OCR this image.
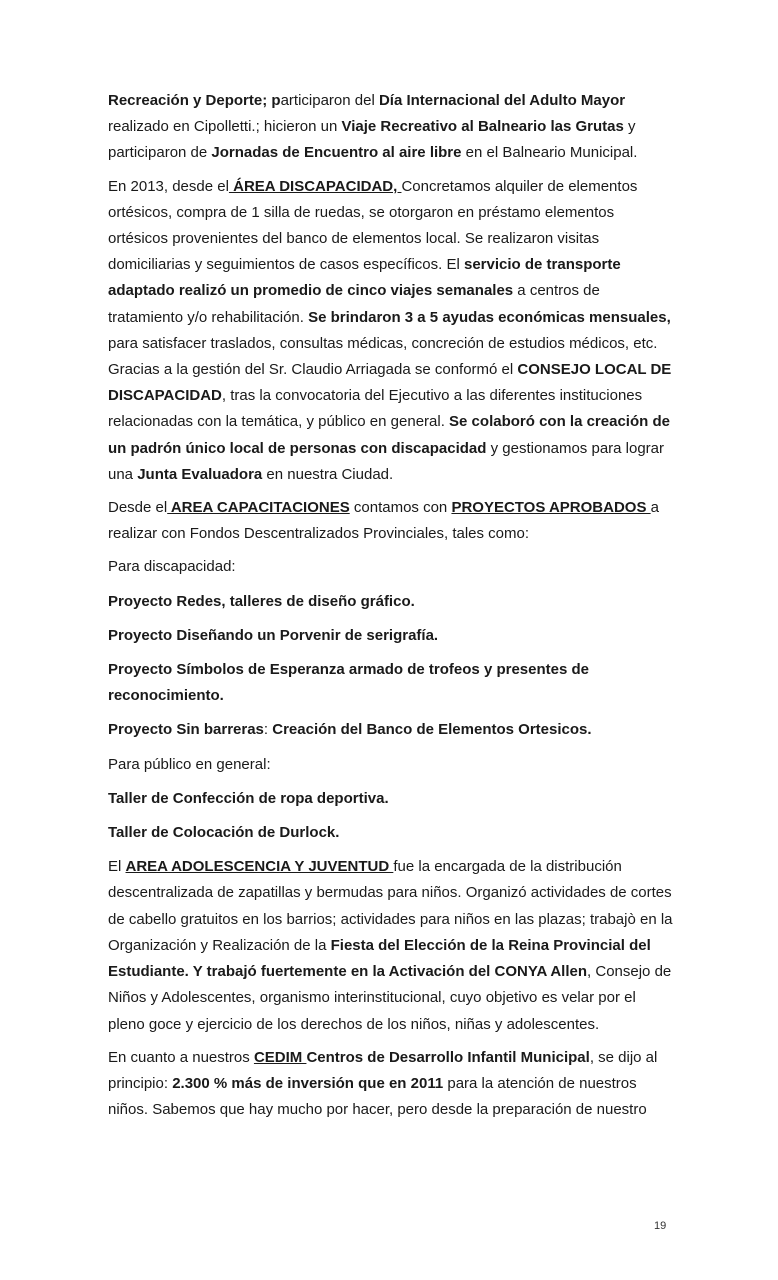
Recreación y Deporte; participaron del Día Internacional del Adulto Mayor realizado en Cipolletti.; hicieron un Viaje Recreativo al Balneario las Grutas y participaron de Jornadas de Encuentro al aire libre en el Balneario Municipal.

En 2013, desde el ÁREA DISCAPACIDAD, Concretamos alquiler de elementos ortésicos, compra de 1 silla de ruedas, se otorgaron en préstamo elementos ortésicos provenientes del banco de elementos local. Se realizaron visitas domiciliarias y seguimientos de casos específicos. El servicio de transporte adaptado realizó un promedio de cinco viajes semanales a centros de tratamiento y/o rehabilitación. Se brindaron 3 a 5 ayudas económicas mensuales, para satisfacer traslados, consultas médicas, concreción de estudios médicos, etc. Gracias a la gestión del Sr. Claudio Arriagada se conformó el CONSEJO LOCAL DE DISCAPACIDAD, tras la convocatoria del Ejecutivo a las diferentes instituciones relacionadas con la temática, y público en general. Se colaboró con la creación de un padrón único local de personas con discapacidad y gestionamos para lograr una Junta Evaluadora en nuestra Ciudad.

Desde el AREA CAPACITACIONES contamos con PROYECTOS APROBADOS a realizar con Fondos Descentralizados Provinciales, tales como:

Para discapacidad:

Proyecto Redes, talleres de diseño gráfico.

Proyecto Diseñando un Porvenir de serigrafía.

Proyecto Símbolos de Esperanza armado de trofeos y presentes de reconocimiento.

Proyecto Sin barreras: Creación del Banco de Elementos Ortesicos.

Para público en general:

Taller de Confección de ropa deportiva.

Taller de Colocación de Durlock.

El AREA ADOLESCENCIA Y JUVENTUD fue la encargada de la distribución descentralizada de zapatillas y bermudas para niños. Organizó actividades de cortes de cabello gratuitos en los barrios; actividades para niños en las plazas; trabajò en la Organización y Realización de la Fiesta del Elección de la Reina Provincial del Estudiante. Y trabajó fuertemente en la Activación del CONYA Allen, Consejo de Niños y Adolescentes, organismo interinstitucional, cuyo objetivo es velar por el pleno goce y ejercicio de los derechos de los niños, niñas y adolescentes.

En cuanto a nuestros CEDIM Centros de Desarrollo Infantil Municipal, se dijo al principio: 2.300 % más de inversión que en 2011 para la atención de nuestros niños. Sabemos que hay mucho por hacer, pero desde la preparación de nuestro

19
